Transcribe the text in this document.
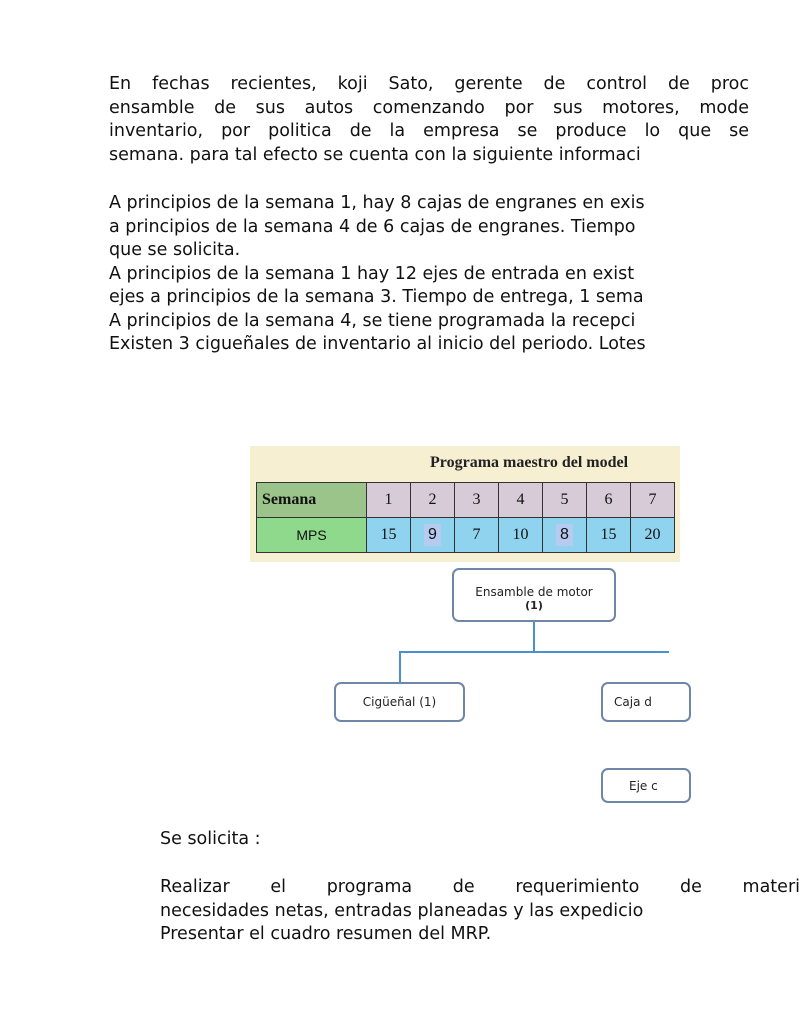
En fechas recientes, koji Sato, gerente de control de proc
ensamble de sus autos comenzando por sus motores, mode
inventario, por politica de la empresa se produce lo que se
semana. para tal efecto se cuenta con la siguiente informaci
A principios de la semana 1, hay 8 cajas de engranes en exis
a principios de la semana 4 de 6 cajas de engranes. Tiempo
que se solicita.
A principios de la semana 1 hay 12 ejes de entrada en exist
ejes a principios de la semana 3. Tiempo de entrega, 1 sema
A principios de la semana 4, se tiene programada la recepci
Existen 3 cigueñales de inventario al inicio del periodo. Lotes
Programa maestro del model
Semana	1	2	3	4	5	6	7
MPS	15	9	7	10	8	15	20
Ensamble de motor
(1)
Cigüeñal (1)	Caja d
Eje c
Se solicita :
Realizar el programa de requerimiento de materi
necesidades netas, entradas planeadas y las expedicio
Presentar el cuadro resumen del MRP.
